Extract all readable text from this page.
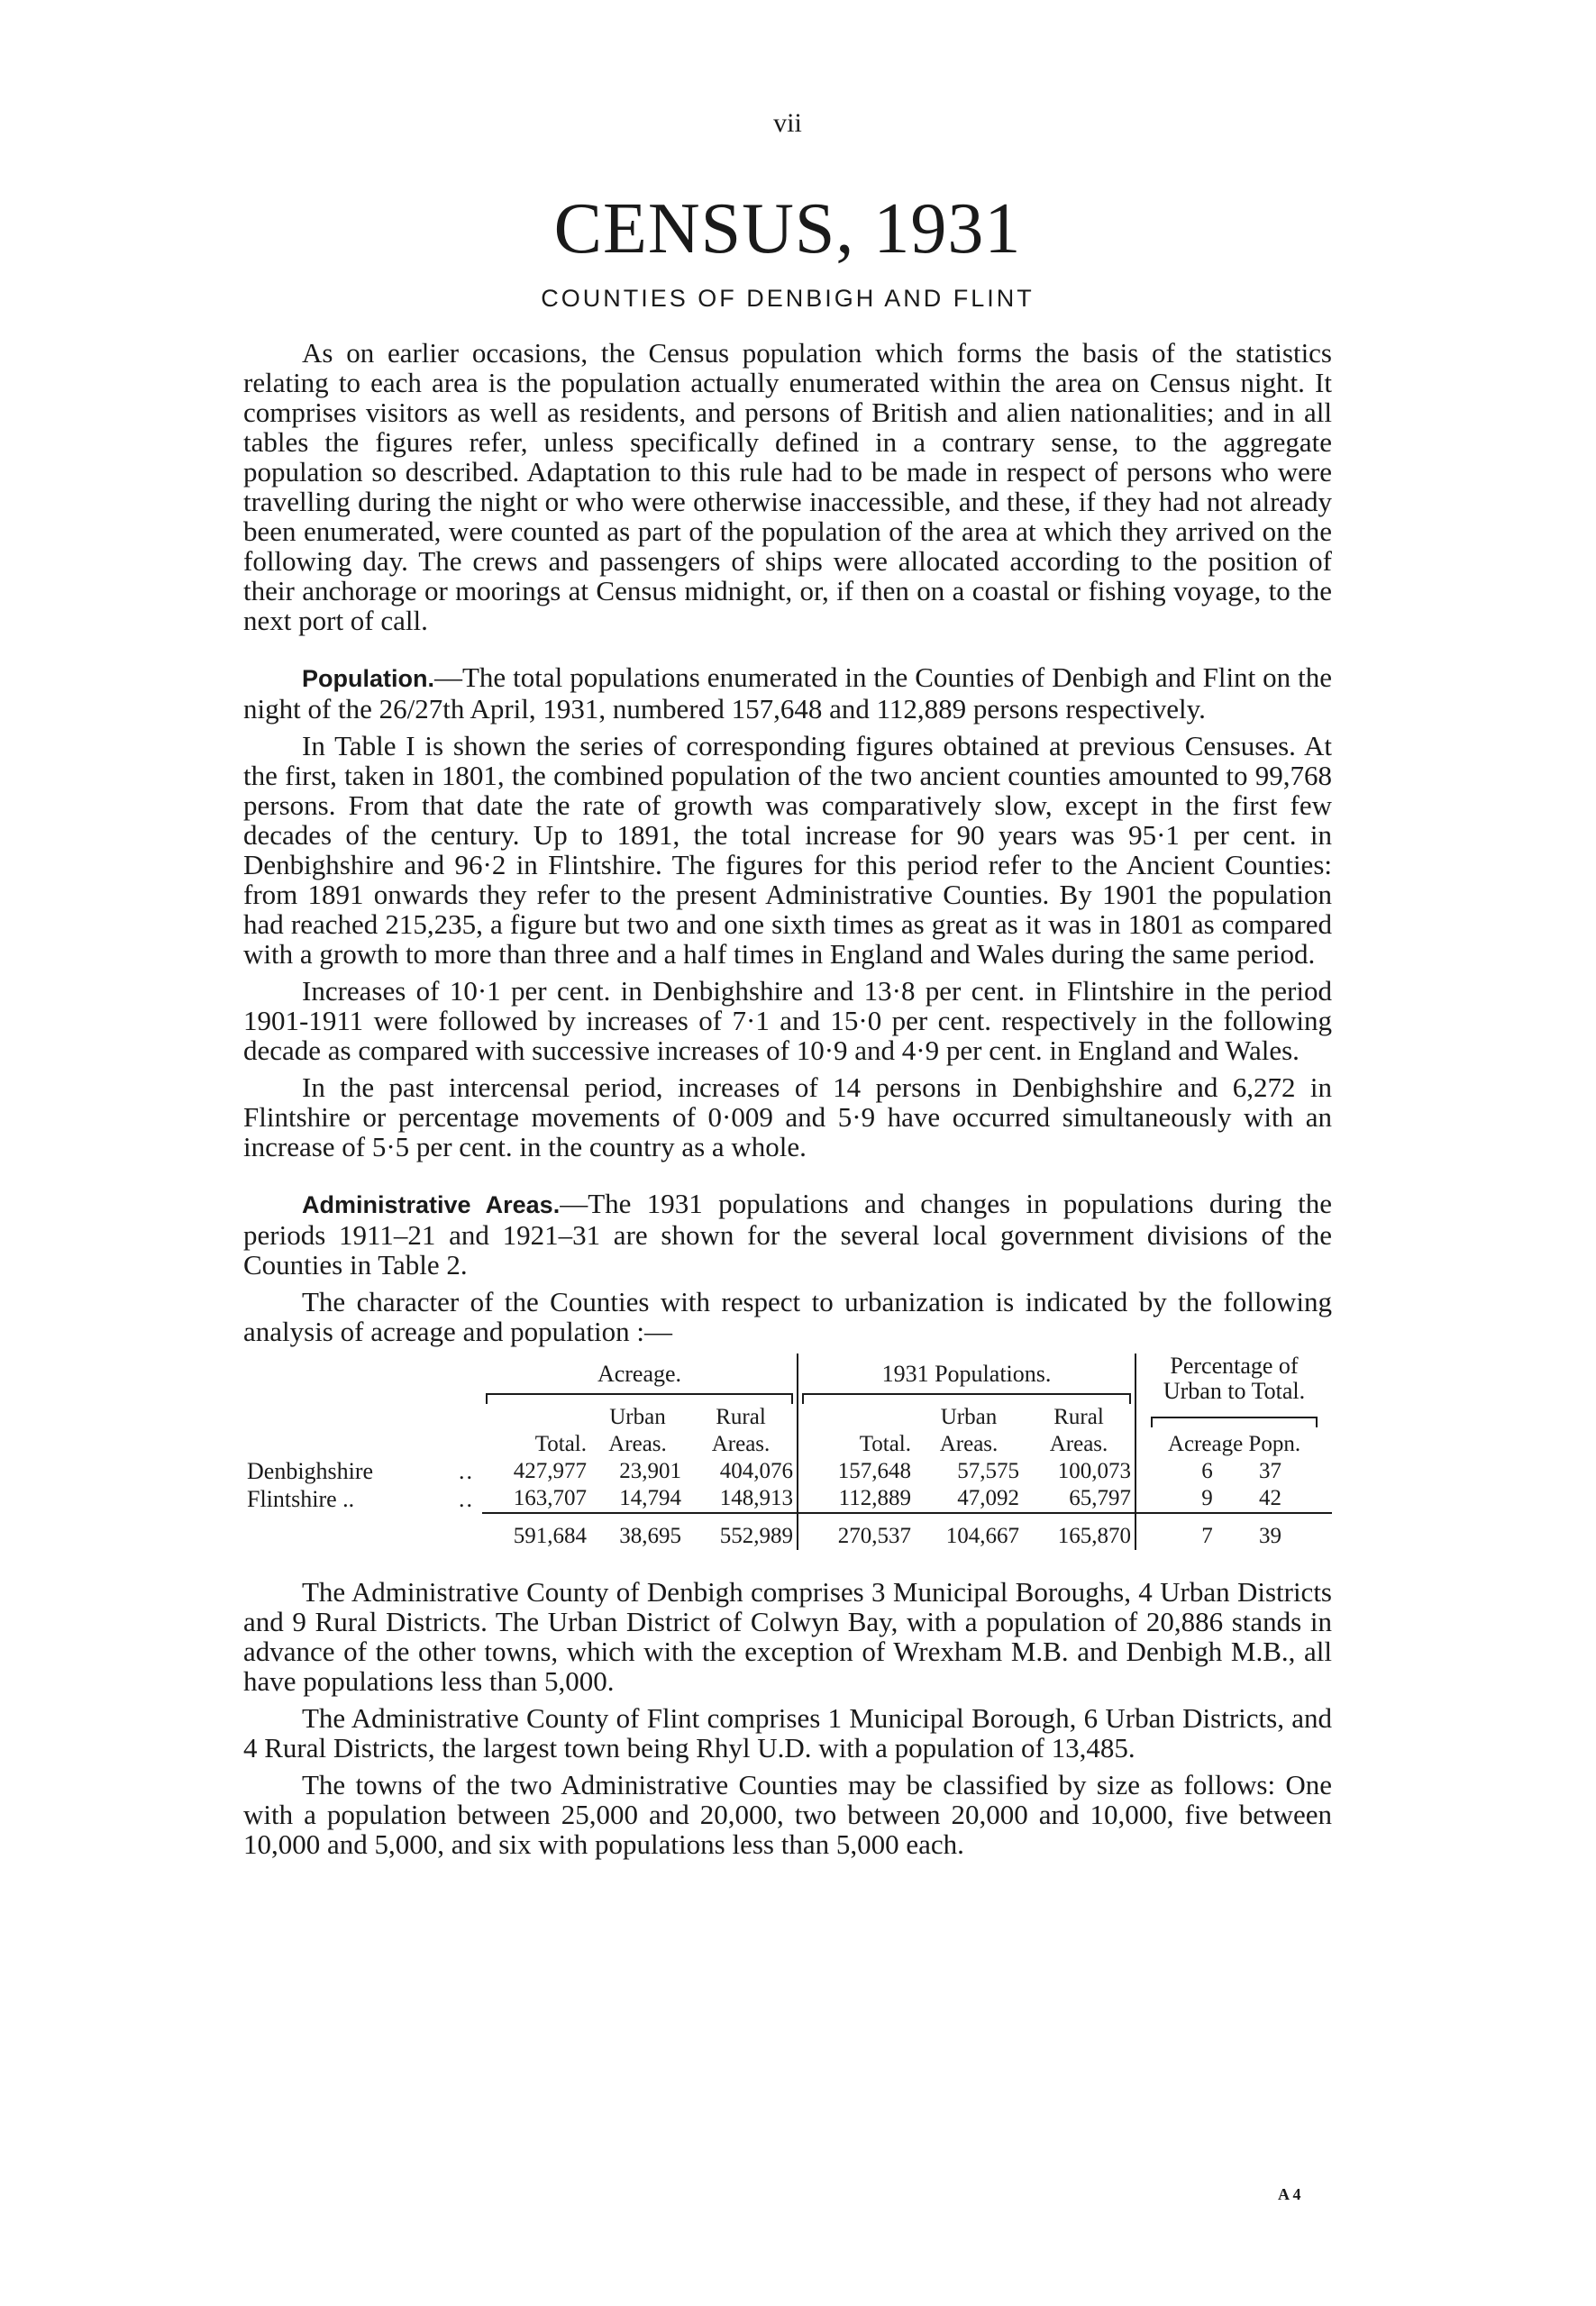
vii
CENSUS, 1931
COUNTIES OF DENBIGH AND FLINT

As on earlier occasions, the Census population which forms the basis of the statistics relating to each area is the population actually enumerated within the area on Census night. It comprises visitors as well as residents, and persons of British and alien nationalities; and in all tables the figures refer, unless specifically defined in a contrary sense, to the aggregate population so described. Adaptation to this rule had to be made in respect of persons who were travelling during the night or who were otherwise inaccessible, and these, if they had not already been enumerated, were counted as part of the population of the area at which they arrived on the following day. The crews and passengers of ships were allocated according to the position of their anchorage or moorings at Census midnight, or, if then on a coastal or fishing voyage, to the next port of call.

Population.—The total populations enumerated in the Counties of Denbigh and Flint on the night of the 26/27th April, 1931, numbered 157,648 and 112,889 persons respectively.

In Table I is shown the series of corresponding figures obtained at previous Censuses. At the first, taken in 1801, the combined population of the two ancient counties amounted to 99,768 persons. From that date the rate of growth was comparatively slow, except in the first few decades of the century. Up to 1891, the total increase for 90 years was 95·1 per cent. in Denbighshire and 96·2 in Flintshire. The figures for this period refer to the Ancient Counties: from 1891 onwards they refer to the present Administrative Counties. By 1901 the population had reached 215,235, a figure but two and one sixth times as great as it was in 1801 as compared with a growth to more than three and a half times in England and Wales during the same period.

Increases of 10·1 per cent. in Denbighshire and 13·8 per cent. in Flintshire in the period 1901-1911 were followed by increases of 7·1 and 15·0 per cent. respectively in the following decade as compared with successive increases of 10·9 and 4·9 per cent. in England and Wales.

In the past intercensal period, increases of 14 persons in Denbighshire and 6,272 in Flintshire or percentage movements of 0·009 and 5·9 have occurred simultaneously with an increase of 5·5 per cent. in the country as a whole.

Administrative Areas.—The 1931 populations and changes in populations during the periods 1911–21 and 1921–31 are shown for the several local government divisions of the Counties in Table 2.

The character of the Counties with respect to urbanization is indicated by the following analysis of acreage and population :—

		Acreage.			1931 Populations.			Percentage of Urban to Total.

		Total.	Urban Areas.	Rural Areas.	Total.	Urban Areas.	Rural Areas.	Acreage Popn.
Denbighshire	..	427,977	23,901	404,076	157,648	57,575	100,073	6 37
Flintshire ..	..	163,707	14,794	148,913	112,889	47,092	65,797	9 42
		591,684	38,695	552,989	270,537	104,667	165,870	7 39

The Administrative County of Denbigh comprises 3 Municipal Boroughs, 4 Urban Districts and 9 Rural Districts. The Urban District of Colwyn Bay, with a population of 20,886 stands in advance of the other towns, which with the exception of Wrexham M.B. and Denbigh M.B., all have populations less than 5,000.

The Administrative County of Flint comprises 1 Municipal Borough, 6 Urban Districts, and 4 Rural Districts, the largest town being Rhyl U.D. with a population of 13,485.

The towns of the two Administrative Counties may be classified by size as follows: One with a population between 25,000 and 20,000, two between 20,000 and 10,000, five between 10,000 and 5,000, and six with populations less than 5,000 each.

A 4
